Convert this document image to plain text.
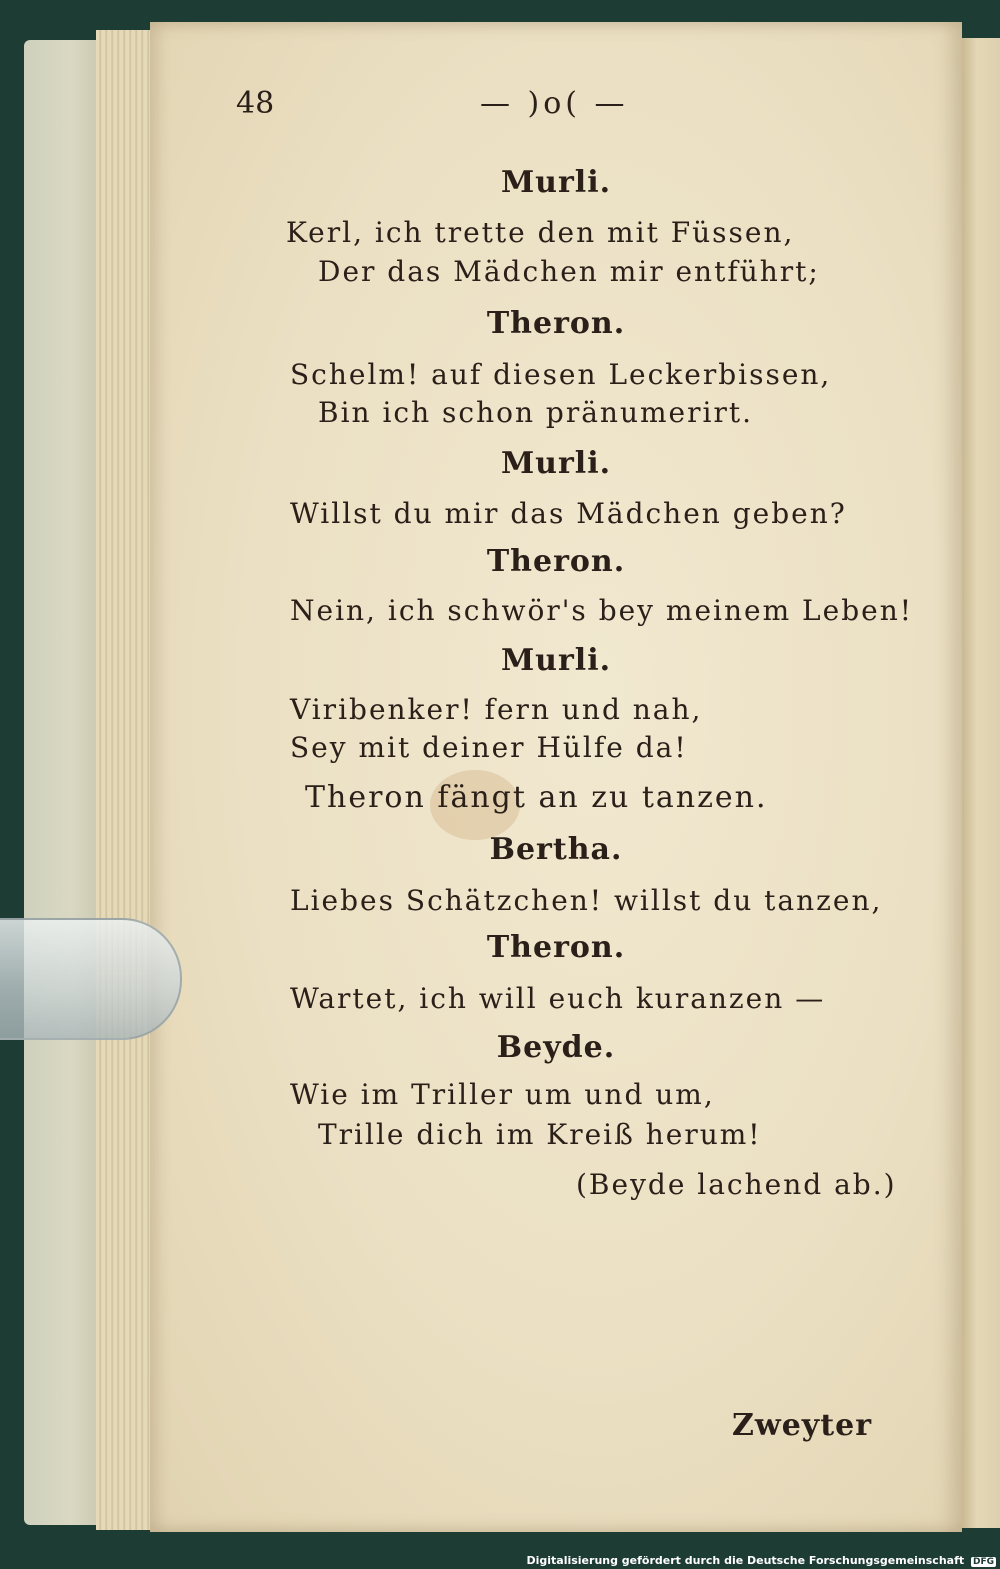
48	— )o( —
Murli.
Kerl, ich trette den mit Füssen,
Der das Mädchen mir entführt;
Theron.
Schelm! auf diesen Leckerbissen,
Bin ich schon pränumerirt.
Murli.
Willst du mir das Mädchen geben?
Theron.
Nein, ich schwör's bey meinem Leben!
Murli.
Viribenker! fern und nah,
Sey mit deiner Hülfe da!
Theron fängt an zu tanzen.
Bertha.
Liebes Schätzchen! willst du tanzen,
Theron.
Wartet, ich will euch kuranzen —
Beyde.
Wie im Triller um und um,
Trille dich im Kreiß herum!
(Beyde lachend ab.)
Zweyter
Digitalisierung gefördert durch die Deutsche Forschungsgemeinschaft DFG
